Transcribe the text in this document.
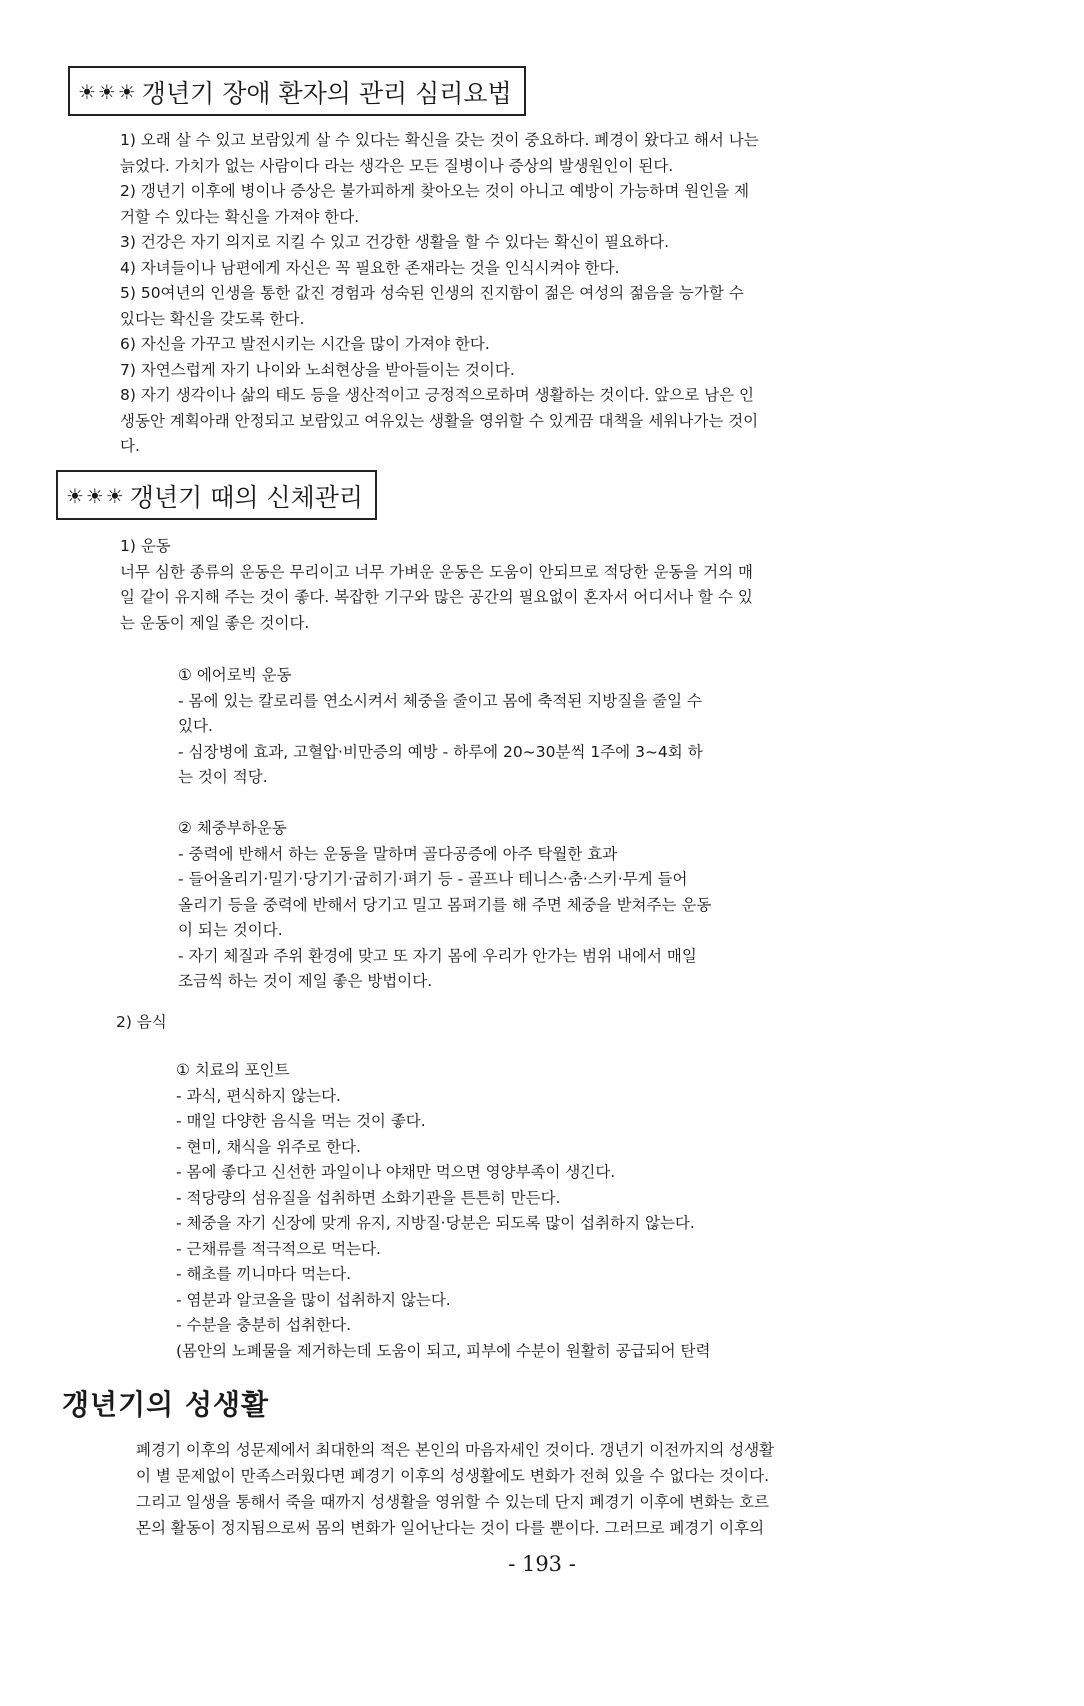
☀☀☀ 갱년기 장애 환자의 관리 심리요법

1) 오래 살 수 있고 보람있게 살 수 있다는 확신을 갖는 것이 중요하다. 폐경이 왔다고 해서 나는

늙었다. 가치가 없는 사람이다 라는 생각은 모든 질병이나 증상의 발생원인이 된다.

2) 갱년기 이후에 병이나 증상은 불가피하게 찾아오는 것이 아니고 예방이 가능하며 원인을 제

거할 수 있다는 확신을 가져야 한다.

3) 건강은 자기 의지로 지킬 수 있고 건강한 생활을 할 수 있다는 확신이 필요하다.

4) 자녀들이나 남편에게 자신은 꼭 필요한 존재라는 것을 인식시켜야 한다.

5) 50여년의 인생을 통한 값진 경험과 성숙된 인생의 진지함이 젊은 여성의 젊음을 능가할 수

있다는 확신을 갖도록 한다.

6) 자신을 가꾸고 발전시키는 시간을 많이 가져야 한다.

7) 자연스럽게 자기 나이와 노쇠현상을 받아들이는 것이다.

8) 자기 생각이나 삶의 태도 등을 생산적이고 긍정적으로하며 생활하는 것이다. 앞으로 남은 인

생동안 계획아래 안정되고 보람있고 여유있는 생활을 영위할 수 있게끔 대책을 세워나가는 것이

다.

☀☀☀ 갱년기 때의 신체관리

1) 운동

너무 심한 종류의 운동은 무리이고 너무 가벼운 운동은 도움이 안되므로 적당한 운동을 거의 매

일 같이 유지해 주는 것이 좋다. 복잡한 기구와 많은 공간의 필요없이 혼자서 어디서나 할 수 있

는 운동이 제일 좋은 것이다.

① 에어로빅 운동

- 몸에 있는 칼로리를 연소시켜서 체중을 줄이고 몸에 축적된 지방질을 줄일 수

있다.

- 심장병에 효과, 고혈압·비만증의 예방 - 하루에 20~30분씩 1주에 3~4회 하

는 것이 적당.

② 체중부하운동

- 중력에 반해서 하는 운동을 말하며 골다공증에 아주 탁월한 효과

- 들어올리기·밀기·당기기·굽히기·펴기 등 - 골프나 테니스·춤·스키·무게 들어

올리기 등을 중력에 반해서 당기고 밀고 몸펴기를 해 주면 체중을 받쳐주는 운동

이 되는 것이다.

- 자기 체질과 주위 환경에 맞고 또 자기 몸에 우리가 안가는 범위 내에서 매일

조금씩 하는 것이 제일 좋은 방법이다.

2) 음식

① 치료의 포인트

- 과식, 편식하지 않는다.

- 매일 다양한 음식을 먹는 것이 좋다.

- 현미, 채식을 위주로 한다.

- 몸에 좋다고 신선한 과일이나 야채만 먹으면 영양부족이 생긴다.

- 적당량의 섬유질을 섭취하면 소화기관을 튼튼히 만든다.

- 체중을 자기 신장에 맞게 유지, 지방질·당분은 되도록 많이 섭취하지 않는다.

- 근채류를 적극적으로 먹는다.

- 해초를 끼니마다 먹는다.

- 염분과 알코올을 많이 섭취하지 않는다.

- 수분을 충분히 섭취한다.

(몸안의 노폐물을 제거하는데 도움이 되고, 피부에 수분이 원활히 공급되어 탄력

갱년기의 성생활

폐경기 이후의 성문제에서 최대한의 적은 본인의 마음자세인 것이다. 갱년기 이전까지의 성생활

이 별 문제없이 만족스러웠다면 폐경기 이후의 성생활에도 변화가 전혀 있을 수 없다는 것이다.

그리고 일생을 통해서 죽을 때까지 성생활을 영위할 수 있는데 단지 폐경기 이후에 변화는 호르

몬의 활동이 정지됨으로써 몸의 변화가 일어난다는 것이 다를 뿐이다. 그러므로 폐경기 이후의

- 193 -
